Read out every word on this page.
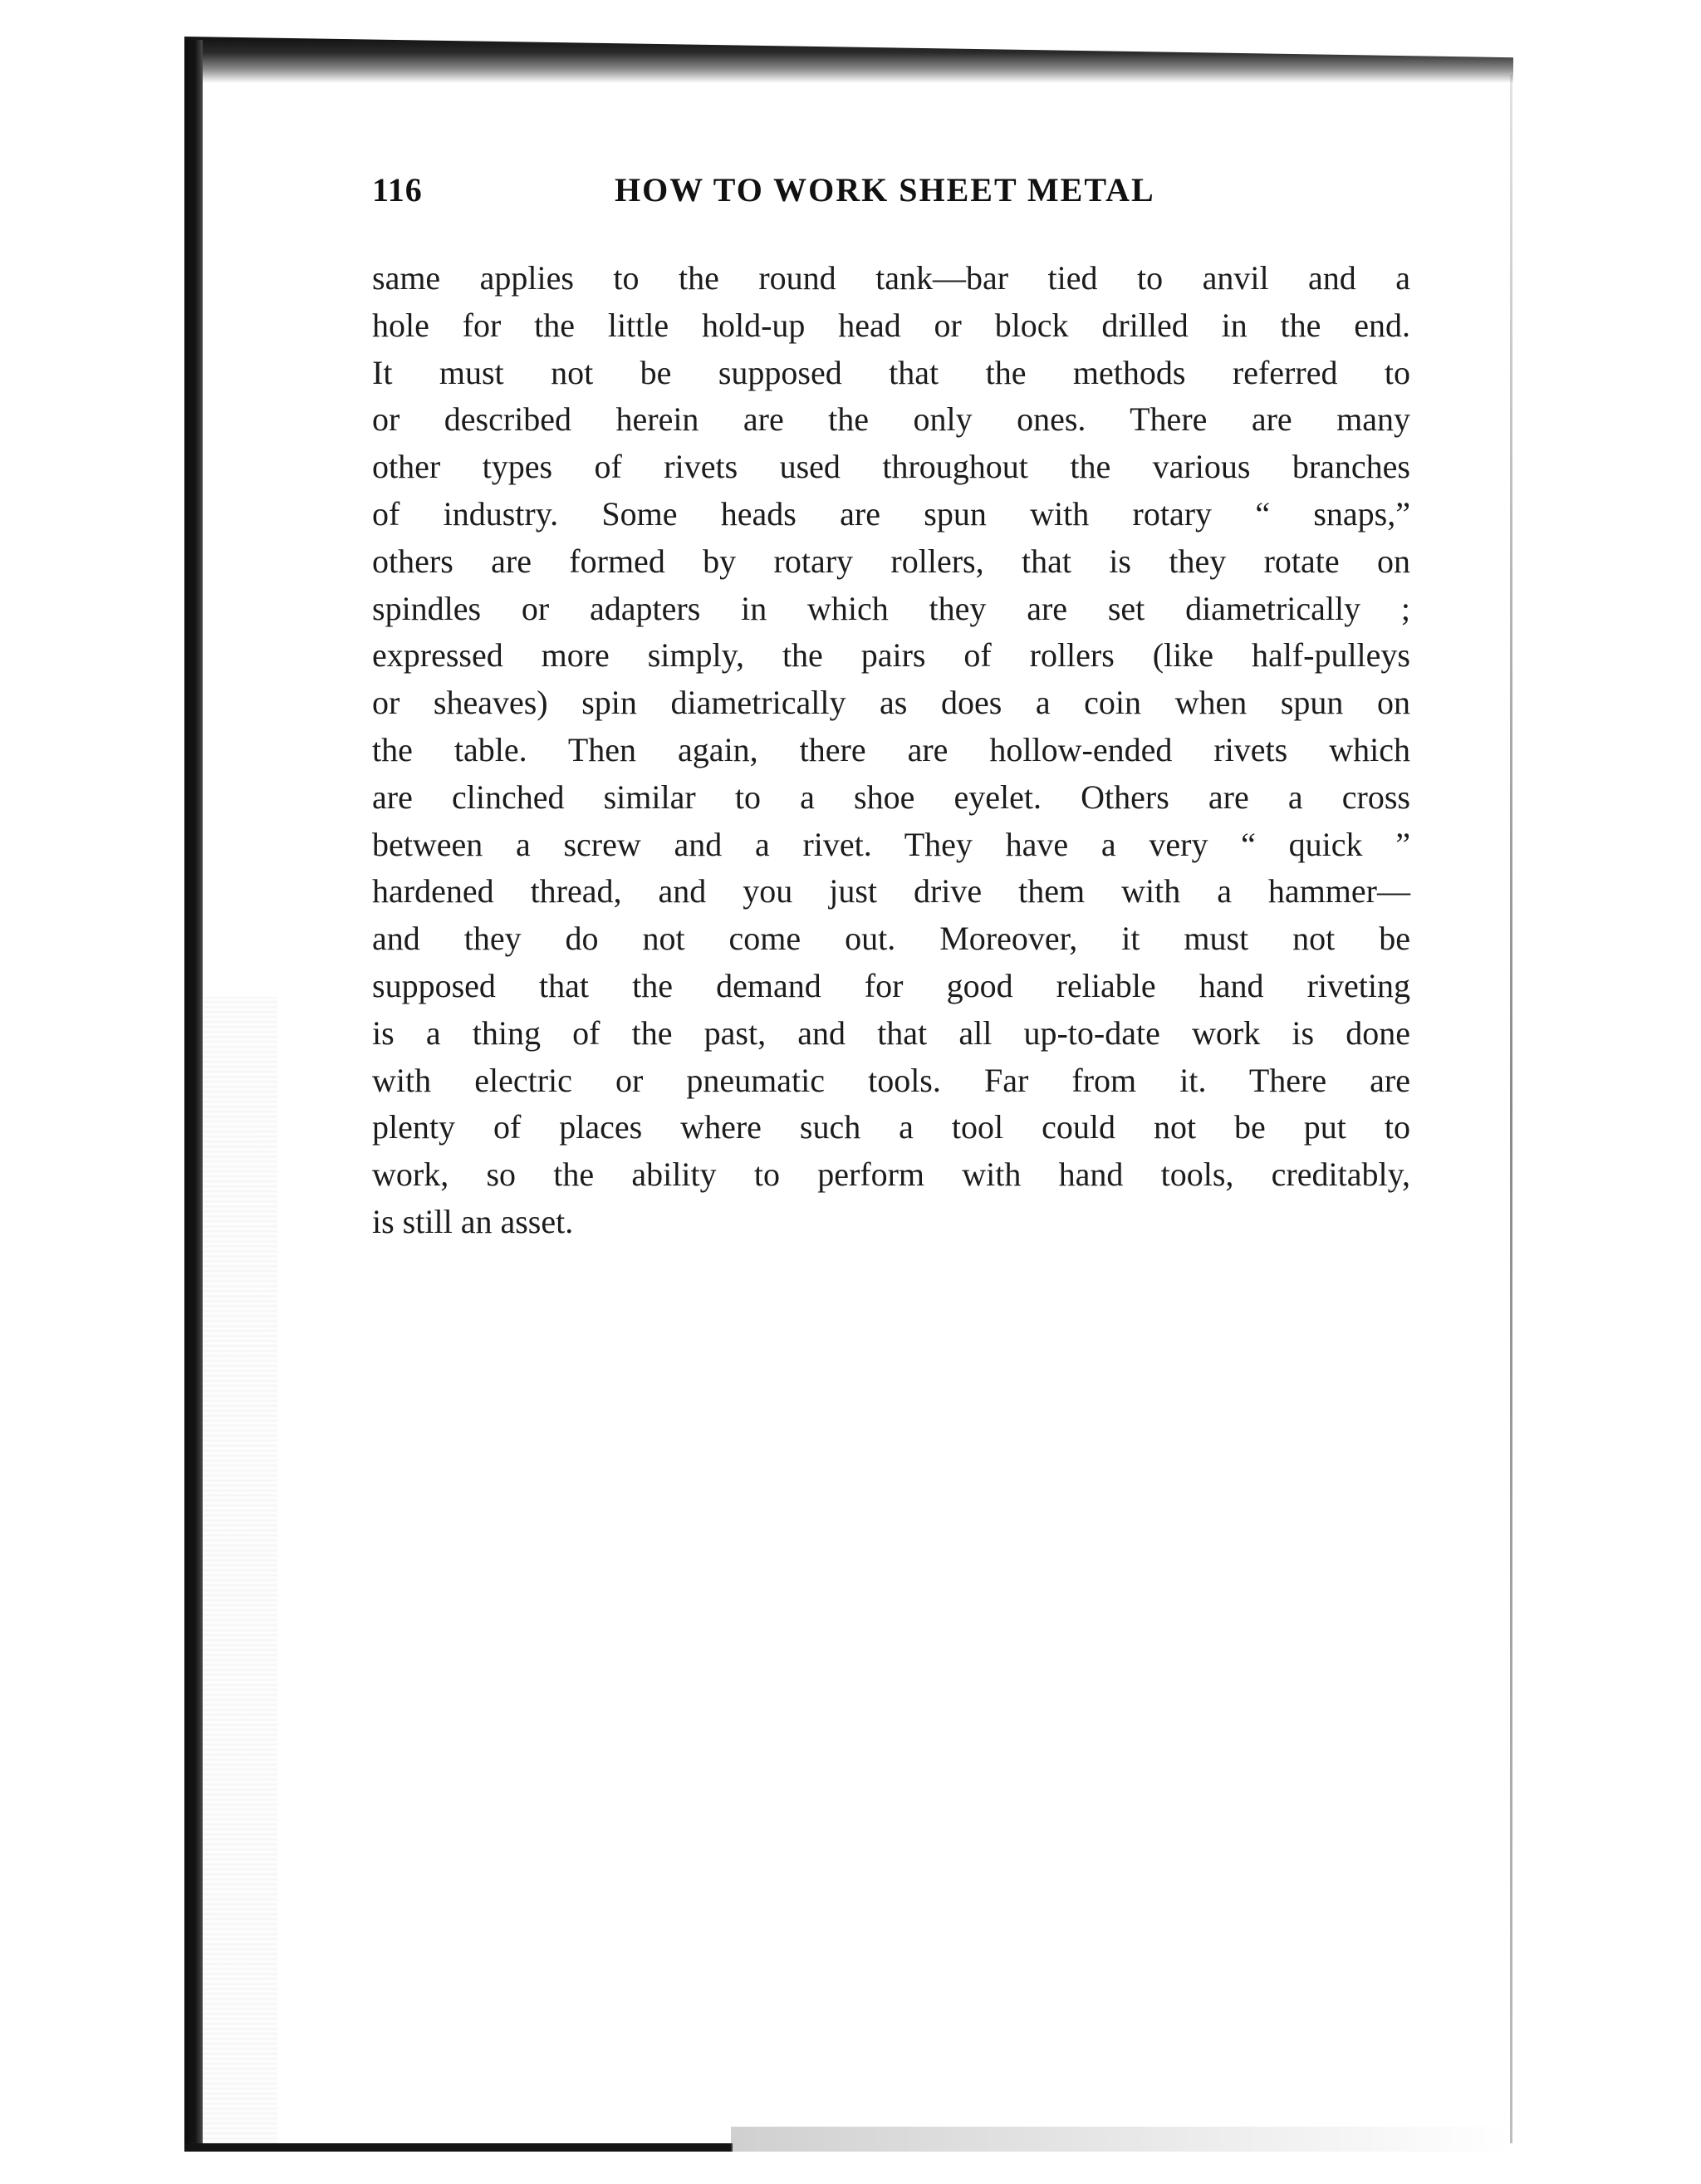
116	HOW TO WORK SHEET METAL
same applies to the round tank—bar tied to anvil and a
hole for the little hold-up head or block drilled in the end.
It must not be supposed that the methods referred to
or described herein are the only ones. There are many
other types of rivets used throughout the various branches
of industry. Some heads are spun with rotary “ snaps,”
others are formed by rotary rollers, that is they rotate on
spindles or adapters in which they are set diametrically ;
expressed more simply, the pairs of rollers (like half-pulleys
or sheaves) spin diametrically as does a coin when spun on
the table. Then again, there are hollow-ended rivets which
are clinched similar to a shoe eyelet. Others are a cross
between a screw and a rivet. They have a very “ quick ”
hardened thread, and you just drive them with a hammer—
and they do not come out. Moreover, it must not be
supposed that the demand for good reliable hand riveting
is a thing of the past, and that all up-to-date work is done
with electric or pneumatic tools. Far from it. There are
plenty of places where such a tool could not be put to
work, so the ability to perform with hand tools, creditably,
is still an asset.
